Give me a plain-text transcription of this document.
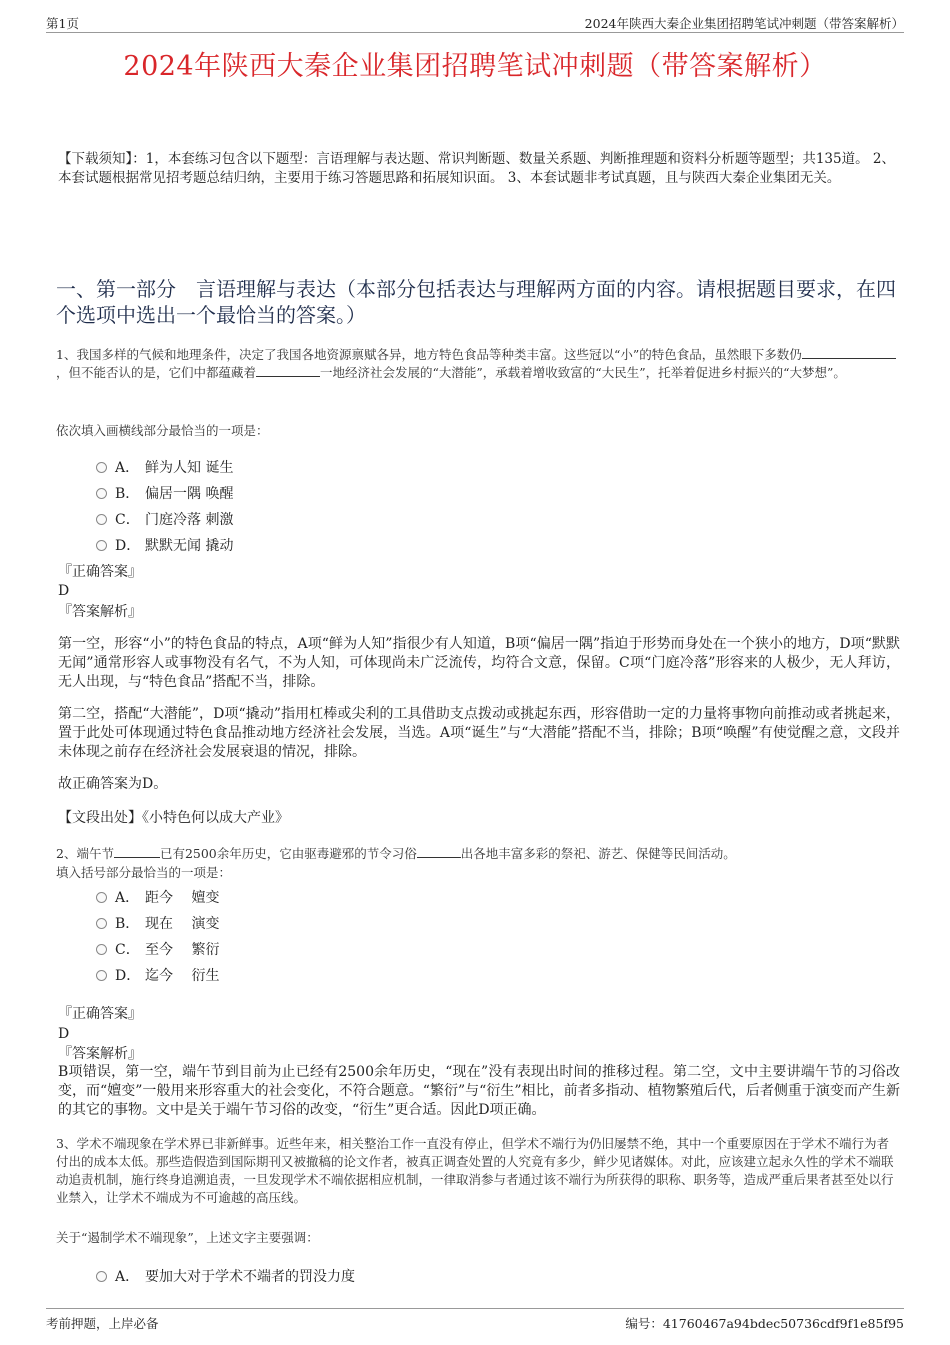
第1页	2024年陕西大秦企业集团招聘笔试冲刺题（带答案解析）
2024年陕西大秦企业集团招聘笔试冲刺题（带答案解析）
【下载须知】：1，本套练习包含以下题型：言语理解与表达题、常识判断题、数量关系题、判断推理题和资料分析题等题型；共135道。 2、本套试题根据常见招考题总结归纳，主要用于练习答题思路和拓展知识面。 3、本套试题非考试真题，且与陕西大秦企业集团无关。
一、第一部分　言语理解与表达（本部分包括表达与理解两方面的内容。请根据题目要求，在四个选项中选出一个最恰当的答案。）
1、我国多样的气候和地理条件，决定了我国各地资源禀赋各异，地方特色食品等种类丰富。这些冠以“小”的特色食品，虽然眼下多数仍，但不能否认的是，它们中都蕴藏着	一地经济社会发展的“大潜能”，承载着增收致富的“大民生”，托举着促进乡村振兴的“大梦想”。
依次填入画横线部分最恰当的一项是：
A． 鲜为人知 诞生
B． 偏居一隅 唤醒
C． 门庭冷落 刺激
D． 默默无闻 撬动
『正确答案』
D
『答案解析』
第一空，形容“小”的特色食品的特点，A项“鲜为人知”指很少有人知道，B项“偏居一隅”指迫于形势而身处在一个狭小的地方，D项“默默无闻”通常形容人或事物没有名气，不为人知，可体现尚未广泛流传，均符合文意，保留。C项“门庭冷落”形容来的人极少，无人拜访，无人出现，与“特色食品”搭配不当，排除。
第二空，搭配“大潜能”，D项“撬动”指用杠棒或尖利的工具借助支点拨动或挑起东西，形容借助一定的力量将事物向前推动或者挑起来，置于此处可体现通过特色食品推动地方经济社会发展，当选。A项“诞生”与“大潜能”搭配不当，排除；B项“唤醒”有使觉醒之意，文段并未体现之前存在经济社会发展衰退的情况，排除。
故正确答案为D。
【文段出处】《小特色何以成大产业》
2、端午节	已有2500余年历史，它由驱毒避邪的节令习俗	出各地丰富多彩的祭祀、游艺、保健等民间活动。
填入括号部分最恰当的一项是：
A． 距今　 嬗变
B． 现在　 演变
C． 至今　 繁衍
D． 迄今　 衍生
『正确答案』
D
『答案解析』
B项错误，第一空，端午节到目前为止已经有2500余年历史，“现在”没有表现出时间的推移过程。第二空，文中主要讲端午节的习俗改变，而“嬗变”一般用来形容重大的社会变化，不符合题意。“繁衍”与“衍生”相比，前者多指动、植物繁殖后代，后者侧重于演变而产生新的其它的事物。文中是关于端午节习俗的改变，“衍生”更合适。因此D项正确。
3、学术不端现象在学术界已非新鲜事。近些年来，相关整治工作一直没有停止，但学术不端行为仍旧屡禁不绝，其中一个重要原因在于学术不端行为者付出的成本太低。那些造假造到国际期刊又被撤稿的论文作者，被真正调查处置的人究竟有多少，鲜少见诸媒体。对此，应该建立起永久性的学术不端联动追责机制，施行终身追溯追责，一旦发现学术不端依据相应机制，一律取消参与者通过该不端行为所获得的职称、职务等，造成严重后果者甚至处以行业禁入，让学术不端成为不可逾越的高压线。
关于“遏制学术不端现象”，上述文字主要强调：
A． 要加大对于学术不端者的罚没力度
考前押题，上岸必备	编号：41760467a94bdec50736cdf9f1e85f95
